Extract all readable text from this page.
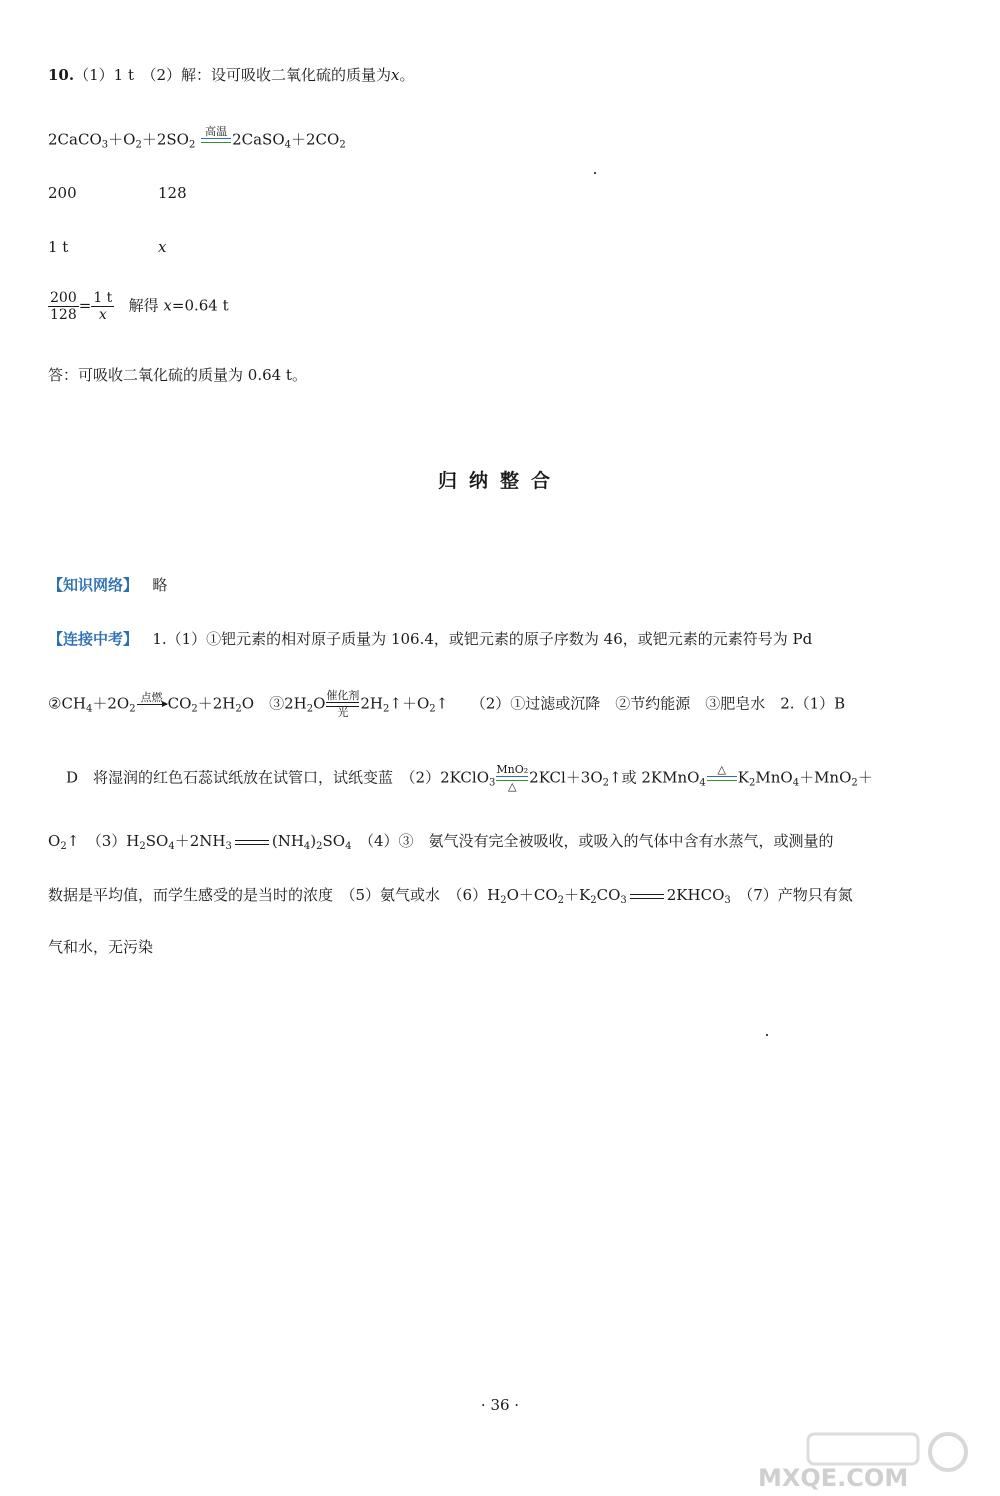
10.（1）1 t　（2）解：设可吸收二氧化硫的质量为x。
$2CaCO_3+O_2+2SO_2$
高温
$2CaSO_4+2CO_2$
200	128
1 t	x
$\frac{200}{128} = \frac{1 t}{x}$ 解得 x=0.64 t
答：可吸收二氧化硫的质量为 0.64 t。
归纳整合
【知识网络】 略
【连接中考】 1.（1）①钯元素的相对原子质量为 106.4，或钯元素的原子序数为 46，或钯元素的元素符号为 Pd
$②CH_4+2O_2$
点燃
$CO_2+2H_2O$　$③2H_2O$ 催化剂
光 $2H_2↑+O_2↑$　　（2）①过滤或沉降　②节约能源　③肥皂水　2.（1）B
D　将湿润的红色石蕊试纸放在试管口，试纸变蓝　（2）2KClO$_3$
MnO₂
△ $2KCl+3O_2↑$或 2KMnO$_4$
△
$K_2MnO_4+MnO_2+$
$O_2↑$　$(3)H_2SO_4+2NH_3$	$(NH_4)_2SO_4$　 （4）③　氨气没有完全被吸收，或吸入的气体中含有水蒸气，或测量的
数据是平均值，而学生感受的是当时的浓度　（5）氨气或水　$(6)H_2O+CO_2+K_2CO_3$	$2KHCO_3$　 （7）产物只有氮
气和水，无污染
· 36 ·
MXQE.COM
